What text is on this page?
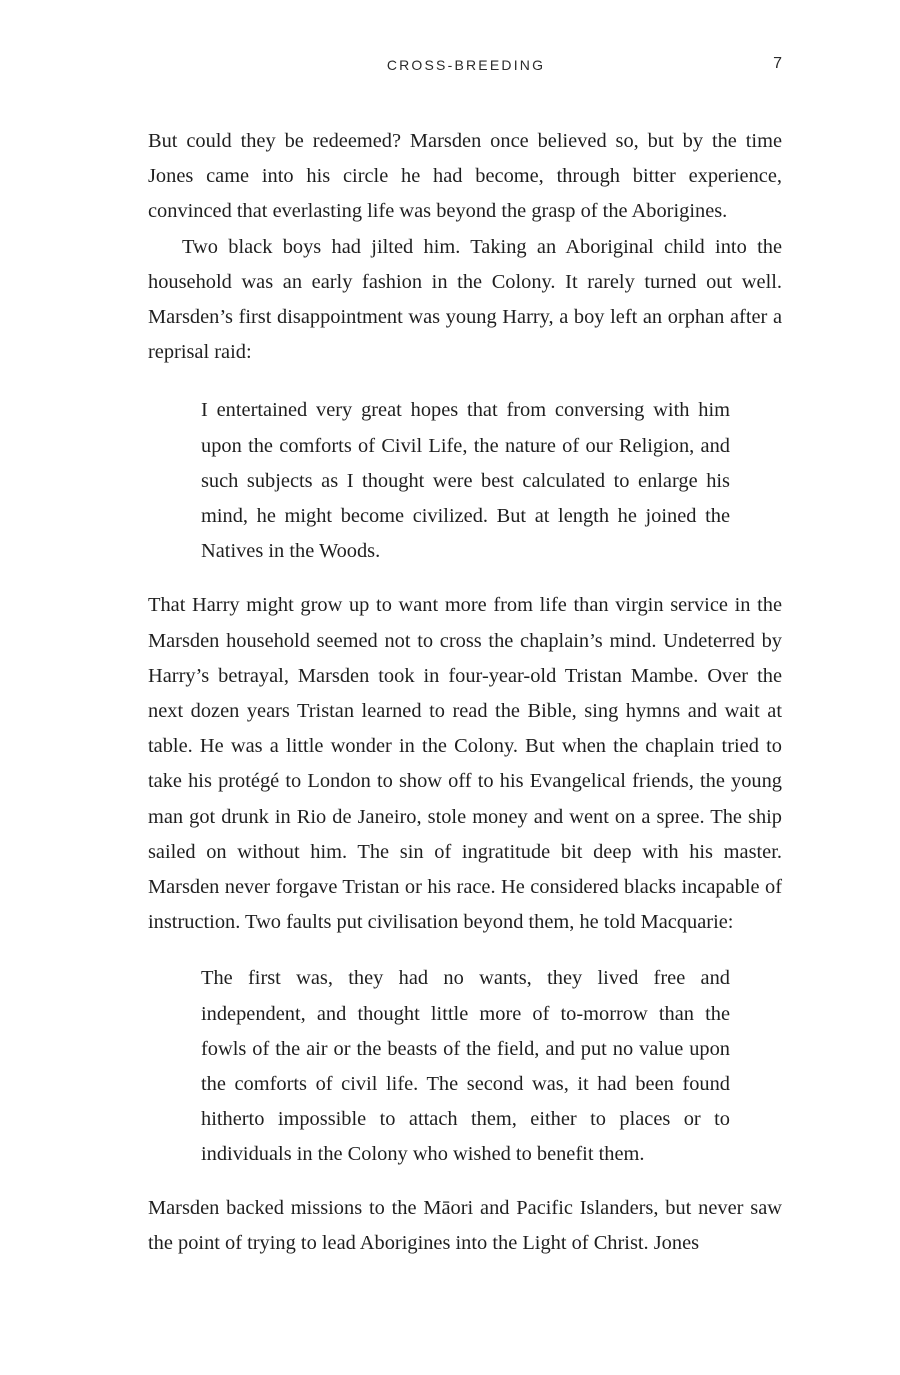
CROSS-BREEDING	7

But could they be redeemed? Marsden once believed so, but by the time Jones came into his circle he had become, through bitter experience, convinced that everlasting life was beyond the grasp of the Aborigines.

Two black boys had jilted him. Taking an Aboriginal child into the household was an early fashion in the Colony. It rarely turned out well. Marsden’s first disappointment was young Harry, a boy left an orphan after a reprisal raid:

I entertained very great hopes that from conversing with him upon the comforts of Civil Life, the nature of our Religion, and such subjects as I thought were best calculated to enlarge his mind, he might become civilized. But at length he joined the Natives in the Woods.

That Harry might grow up to want more from life than virgin service in the Marsden household seemed not to cross the chaplain’s mind. Undeterred by Harry’s betrayal, Marsden took in four-year-old Tristan Mambe. Over the next dozen years Tristan learned to read the Bible, sing hymns and wait at table. He was a little wonder in the Colony. But when the chaplain tried to take his protégé to London to show off to his Evangelical friends, the young man got drunk in Rio de Janeiro, stole money and went on a spree. The ship sailed on without him. The sin of ingratitude bit deep with his master. Marsden never forgave Tristan or his race. He considered blacks incapable of instruction. Two faults put civilisation beyond them, he told Macquarie:

The first was, they had no wants, they lived free and independent, and thought little more of to-morrow than the fowls of the air or the beasts of the field, and put no value upon the comforts of civil life. The second was, it had been found hitherto impossible to attach them, either to places or to individuals in the Colony who wished to benefit them.

Marsden backed missions to the Māori and Pacific Islanders, but never saw the point of trying to lead Aborigines into the Light of Christ. Jones
